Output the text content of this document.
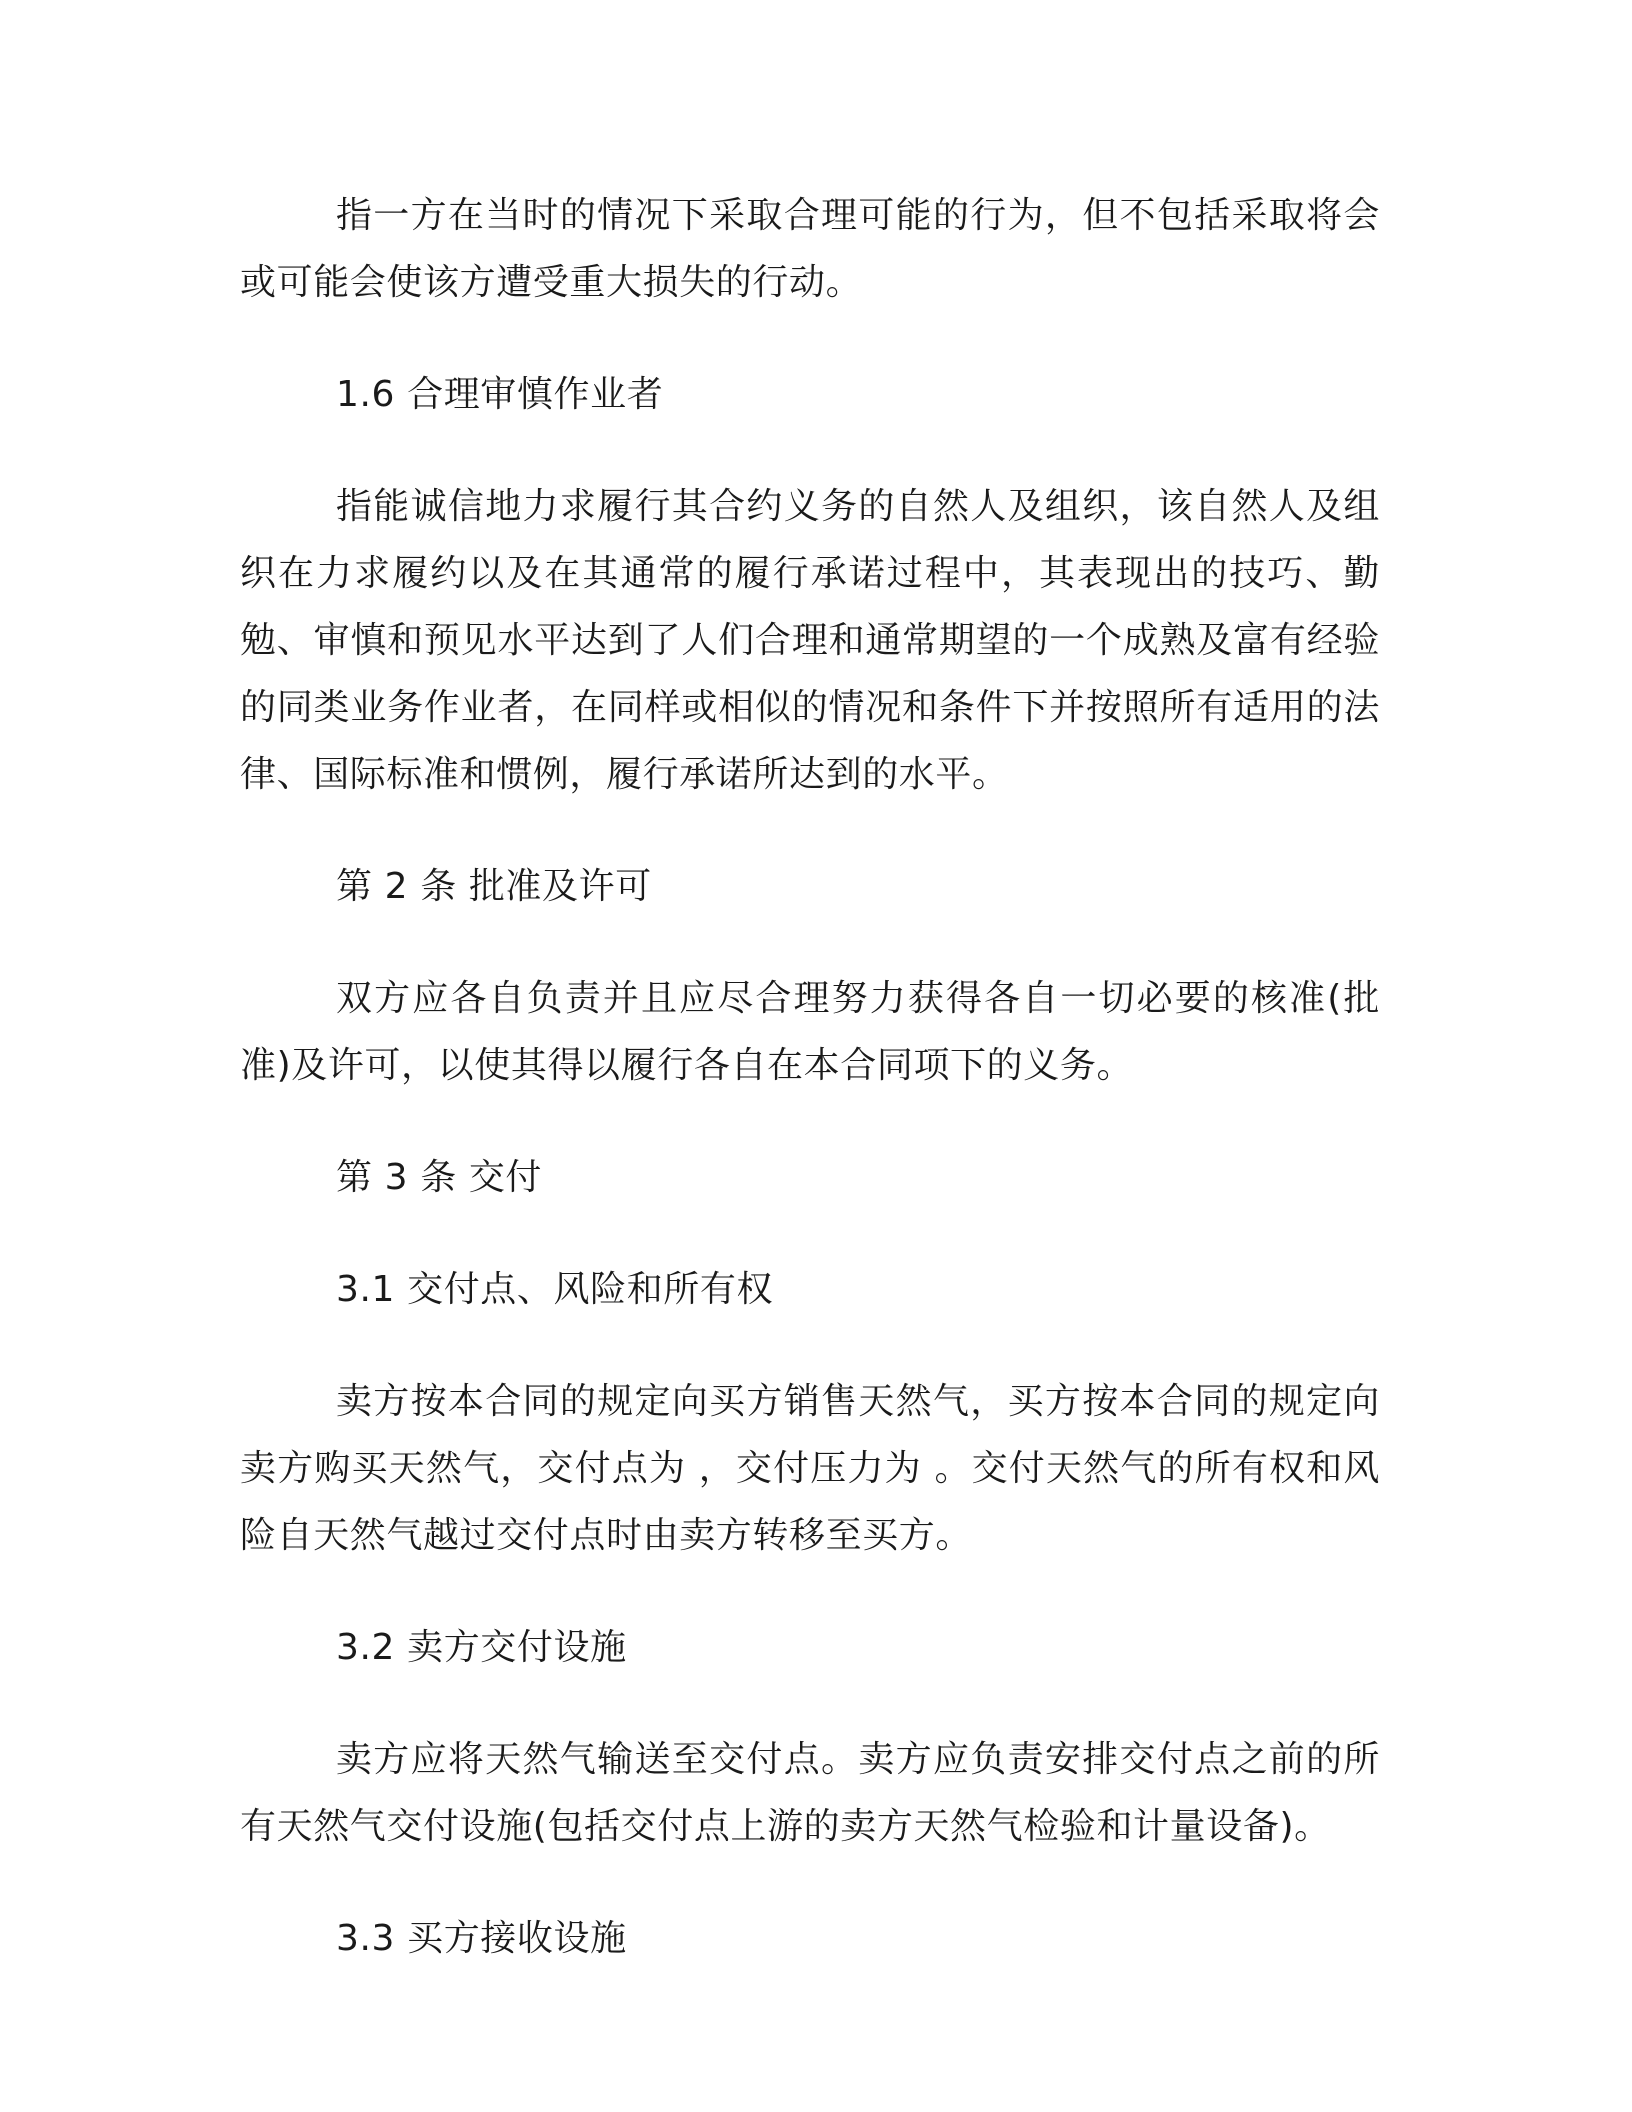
指一方在当时的情况下采取合理可能的行为，但不包括采取将会或可能会使该方遭受重大损失的行动。

1.6 合理审慎作业者

指能诚信地力求履行其合约义务的自然人及组织，该自然人及组织在力求履约以及在其通常的履行承诺过程中，其表现出的技巧、勤勉、审慎和预见水平达到了人们合理和通常期望的一个成熟及富有经验的同类业务作业者，在同样或相似的情况和条件下并按照所有适用的法律、国际标准和惯例，履行承诺所达到的水平。

第 2 条 批准及许可

双方应各自负责并且应尽合理努力获得各自一切必要的核准(批准)及许可，以使其得以履行各自在本合同项下的义务。

第 3 条 交付

3.1 交付点、风险和所有权

卖方按本合同的规定向买方销售天然气，买方按本合同的规定向卖方购买天然气，交付点为 ，交付压力为 。交付天然气的所有权和风险自天然气越过交付点时由卖方转移至买方。

3.2 卖方交付设施

卖方应将天然气输送至交付点。卖方应负责安排交付点之前的所有天然气交付设施(包括交付点上游的卖方天然气检验和计量设备)。

3.3 买方接收设施
